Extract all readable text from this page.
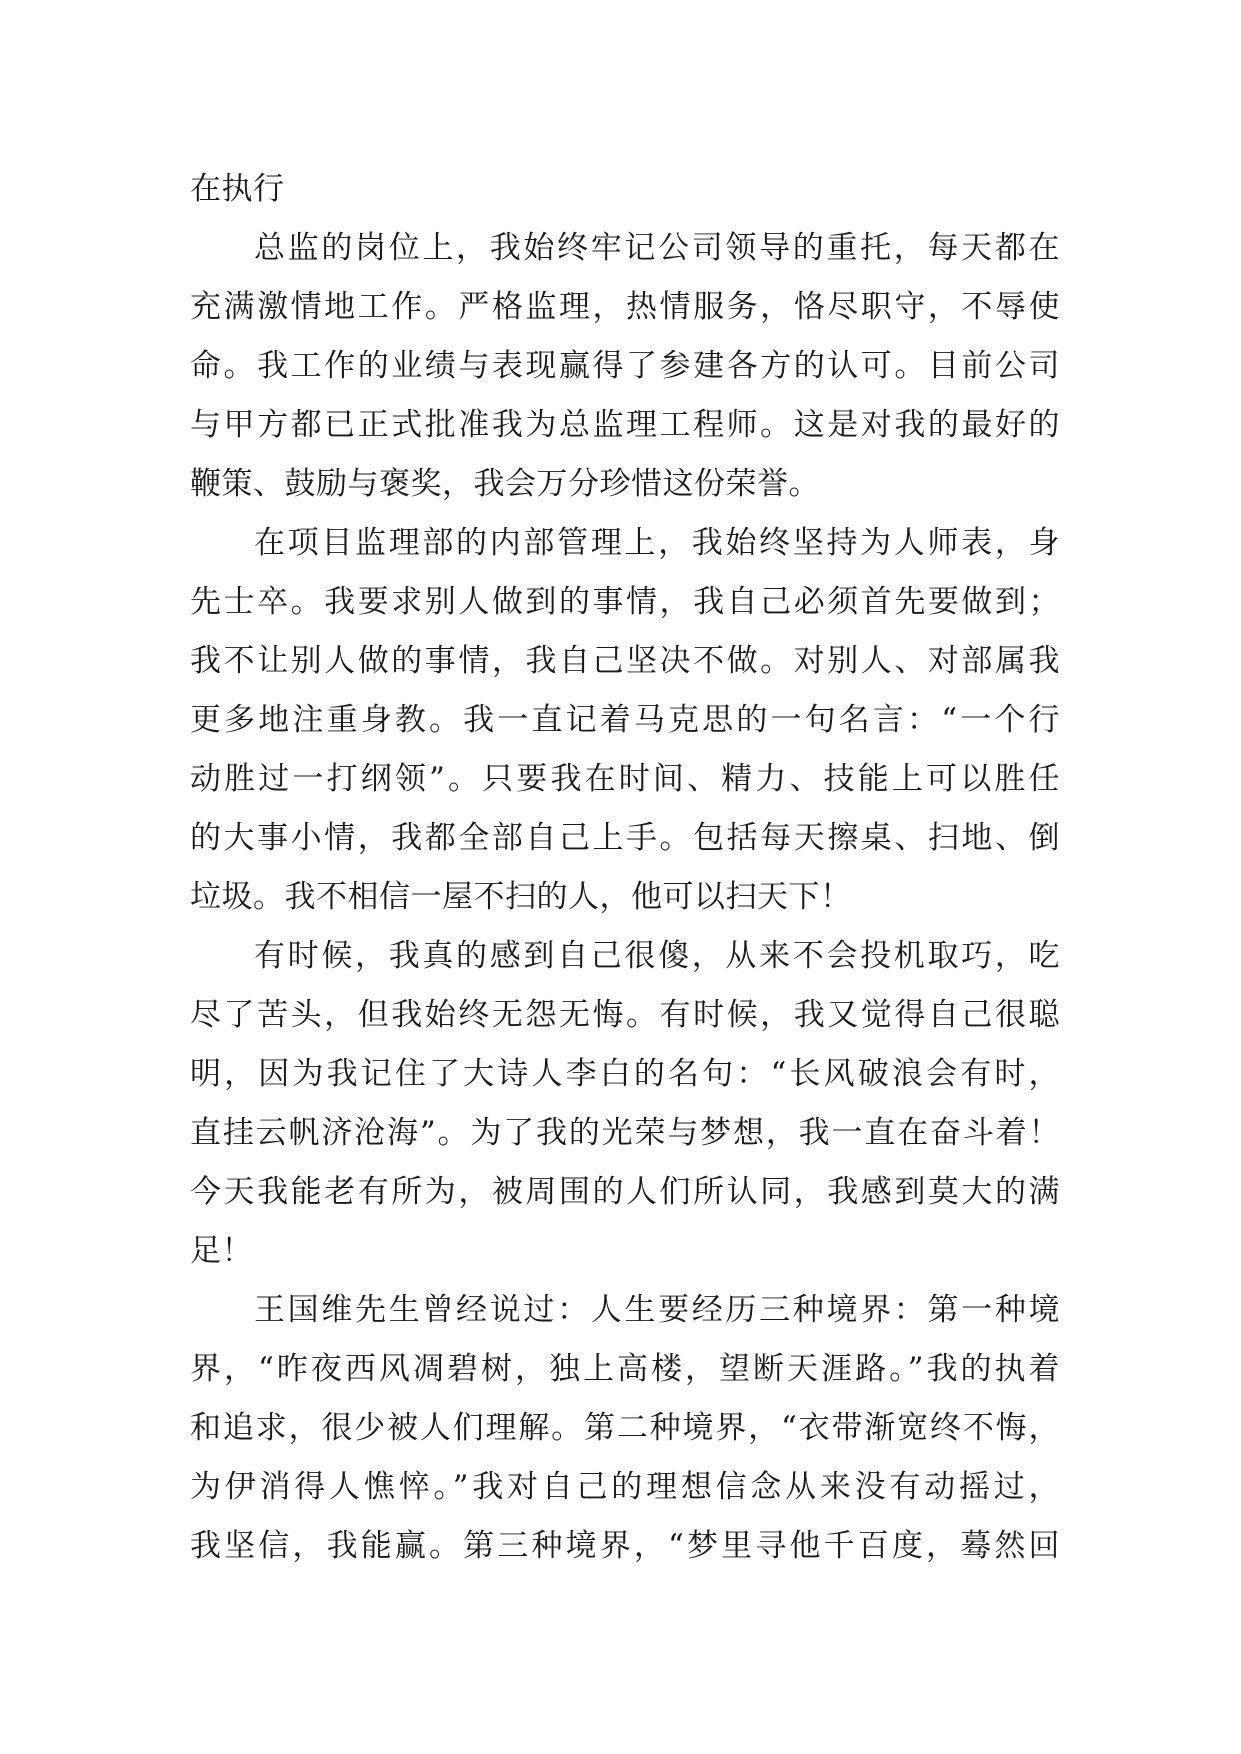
在执行
总监的岗位上，我始终牢记公司领导的重托，每天都在
充满激情地工作。严格监理，热情服务，恪尽职守，不辱使
命。我工作的业绩与表现赢得了参建各方的认可。目前公司
与甲方都已正式批准我为总监理工程师。这是对我的最好的
鞭策、鼓励与褒奖，我会万分珍惜这份荣誉。
在项目监理部的内部管理上，我始终坚持为人师表，身
先士卒。我要求别人做到的事情，我自己必须首先要做到；
我不让别人做的事情，我自己坚决不做。对别人、对部属我
更多地注重身教。我一直记着马克思的一句名言：“一个行
动胜过一打纲领”。只要我在时间、精力、技能上可以胜任
的大事小情，我都全部自己上手。包括每天擦桌、扫地、倒
垃圾。我不相信一屋不扫的人，他可以扫天下！
有时候，我真的感到自己很傻，从来不会投机取巧，吃
尽了苦头，但我始终无怨无悔。有时候，我又觉得自己很聪
明，因为我记住了大诗人李白的名句：“长风破浪会有时，
直挂云帆济沧海”。为了我的光荣与梦想，我一直在奋斗着！
今天我能老有所为，被周围的人们所认同，我感到莫大的满
足！
王国维先生曾经说过：人生要经历三种境界：第一种境
界，“昨夜西风凋碧树，独上高楼，望断天涯路。”我的执着
和追求，很少被人们理解。第二种境界，“衣带渐宽终不悔，
为伊消得人憔悴。”我对自己的理想信念从来没有动摇过，
我坚信，我能赢。第三种境界，“梦里寻他千百度，蓦然回
